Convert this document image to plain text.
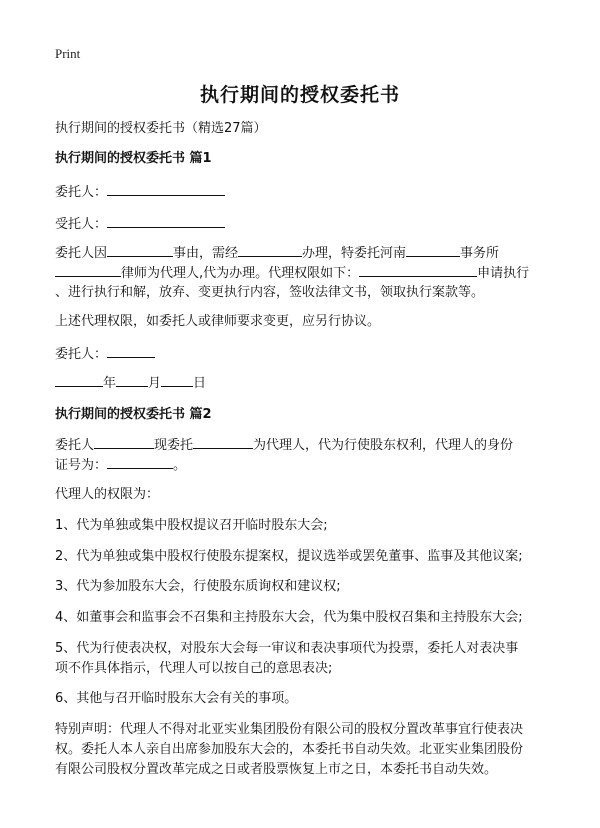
Print
执行期间的授权委托书
执行期间的授权委托书（精选27篇）
执行期间的授权委托书 篇1
委托人：
受托人：
委托人因	事由，需经	办理，特委托河南	事务所
律师为代理人,代为办理。代理权限如下：	申请执行
、进行执行和解，放弃、变更执行内容，签收法律文书，领取执行案款等。
上述代理权限，如委托人或律师要求变更，应另行协议。
委托人：
年 月 日
执行期间的授权委托书 篇2
委托人	现委托	为代理人，代为行使股东权利，代理人的身份
证号为：	。
代理人的权限为：
1、代为单独或集中股权提议召开临时股东大会;
2、代为单独或集中股权行使股东提案权，提议选举或罢免董事、监事及其他议案;
3、代为参加股东大会，行使股东质询权和建议权;
4、如董事会和监事会不召集和主持股东大会，代为集中股权召集和主持股东大会;
5、代为行使表决权，对股东大会每一审议和表决事项代为投票，委托人对表决事
项不作具体指示，代理人可以按自己的意思表决;
6、其他与召开临时股东大会有关的事项。
特别声明：代理人不得对北亚实业集团股份有限公司的股权分置改革事宜行使表决
权。委托人本人亲自出席参加股东大会的，本委托书自动失效。北亚实业集团股份
有限公司股权分置改革完成之日或者股票恢复上市之日，本委托书自动失效。
